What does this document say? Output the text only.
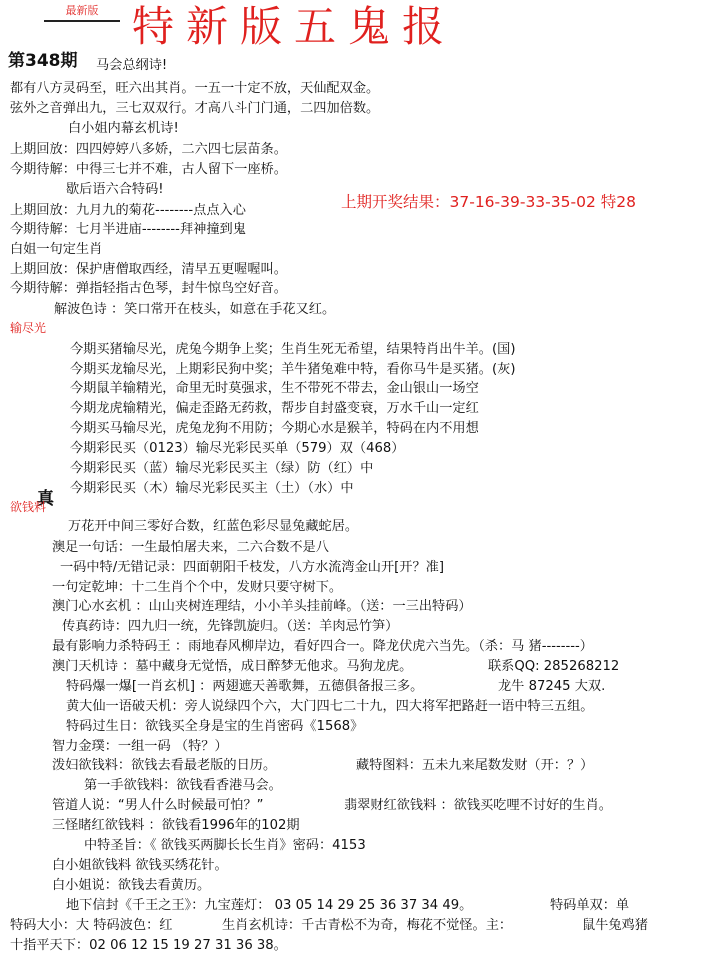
最新版 特新版五鬼报
第348期
上期开奖结果：37-16-39-33-35-02 特28
马会总纲诗!
都有八方灵码至，旺六出其肖。一五一十定不放，天仙配双金。
弦外之音弹出九，三七双双行。才高八斗门门通，二四加倍数。
白小姐内幕玄机诗!
上期回放：四四婷婷八多娇，二六四七层苗条。
今期待解：中得三七并不难，古人留下一座桥。
歇后语六合特码!
上期回放：九月九的菊花--------点点入心
今期待解：七月半进庙--------拜神撞到鬼
白姐一句定生肖
上期回放：保护唐僧取西经，清早五更喔喔叫。
今期待解：弹指轻指古色琴，封牛惊鸟空好音。
解波色诗 ：笑口常开在枝头，如意在手花又红。
输尽光
今期买猪输尽光，虎兔今期争上奖；生肖生死无希望，结果特肖出牛羊。(国)
今期买龙输尽光，上期彩民狗中奖；羊牛猪兔难中特，看你马牛是买猪。(灰)
今期鼠羊输精光，命里无时莫强求，生不带死不带去，金山银山一场空
今期龙虎输精光，偏走歪路无药救，帮步自封盛变衰，万水千山一定红
今期买马输尽光，虎兔龙狗不用防；今期心水是猴羊，特码在内不用想
今期彩民买（0123）输尽光彩民买单（579）双（468）
今期彩民买（蓝）输尽光彩民买主（绿）防（红）中
今期彩民买（木）输尽光彩民买主（土）（水）中
真
欲钱料
万花开中间三零好合数，红蓝色彩尽显兔藏蛇居。
澳足一句话：一生最怕屠夫来，二六合数不是八
一码中特/无错记录：四面朝阳千枝发，八方水流湾金山开[开？准]
一句定乾坤：十二生肖个个中，发财只要守树下。
澳门心水玄机 ：山山夹树连理结，小小羊头挂前峰。（送：一三出特码）
传真药诗：四九归一统，先锋凯旋归。（送：羊肉忌竹笋）
最有影响力杀特码王 ：雨地春风柳岸边，看好四合一。降龙伏虎六当先。（杀：马 猪--------）
澳门天机诗 ：墓中藏身无觉悟，成日醉梦无他求。马狗龙虎。	联系QQ: 285268212
特码爆一爆[一肖玄机] ：两翅遮天善歌舞，五德俱备报三多。	龙牛 87245 大双.
黄大仙一语破天机：旁人说绿四个六，大门四七二十九，四大将军把路赶一语中特三五组。
特码过生日：欲钱买全身是宝的生肖密码《1568》
智力金璞：一组一码 （特？）
泼妇欲钱料：欲钱去看最老版的日历。	藏特图料：五未九来尾数发财（开：？）
第一手欲钱料：欲钱看香港马会。
管道人说：“男人什么时候最可怕？”	翡翠财红欲钱料 ：欲钱买吃哩不讨好的生肖。
三怪睹红欲钱料 ：欲钱看1996年的102期
中特圣旨：《 欲钱买两脚长长生肖》密码：4153
白小姐欲钱料 欲钱买绣花针。
白小姐说：欲钱去看黄历。
地下信封《千王之王》：九宝莲灯： 03 05 14 29 25 36 37 34 49。	特码单双：单
特码大小：大 特码波色：红	生肖玄机诗：千古青松不为奇，梅花不觉怪。主：	鼠牛兔鸡猪
十指平天下：02 06 12 15 19 27 31 36 38。
